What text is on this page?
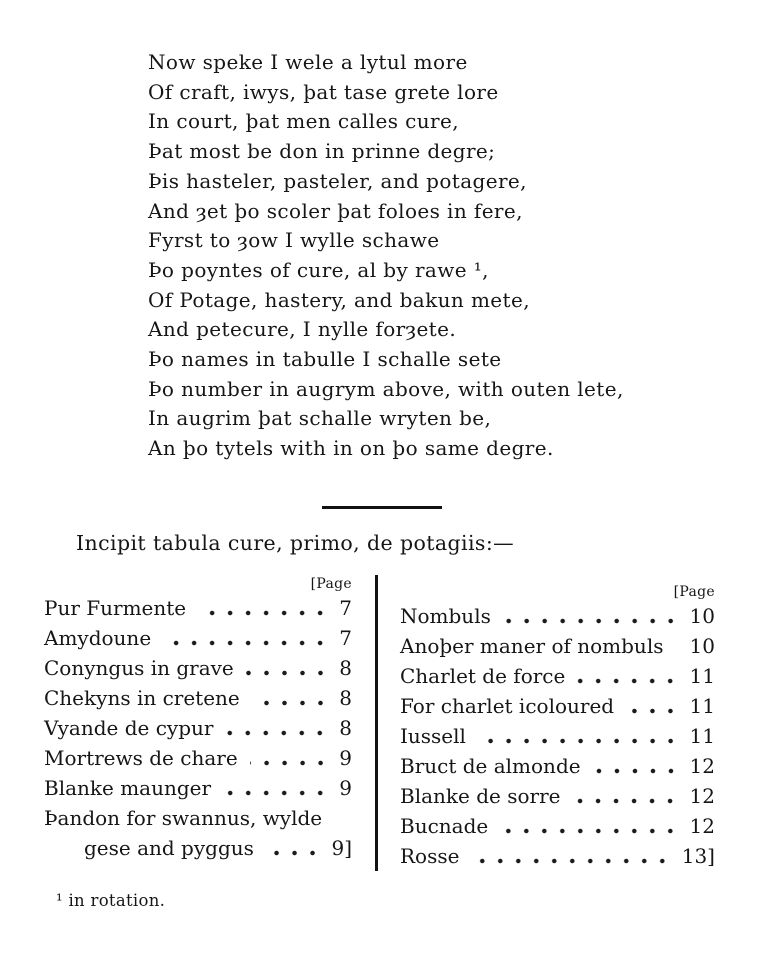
Now speke I wele a lytul more
Of craft, iwys, þat tase grete lore
In court, þat men calles cure,
Þat most be don in prinne degre;
Þis hasteler, pasteler, and potagere,
And ȝet þo scoler þat foloes in fere,
Fyrst to ȝow I wylle schawe
Þo poyntes of cure, al by rawe ¹,
Of Potage, hastery, and bakun mete,
And petecure, I nylle forȝete.
Þo names in tabulle I schalle sete
Þo number in augrym above, with outen lete,
In augrim þat schalle wryten be,
An þo tytels with in on þo same degre.
Incipit tabula cure, primo, de potagiis:—
[Page
Pur Furmente	7
Amydoune	7
Conyngus in grave	8
Chekyns in cretene	8
Vyande de cypur	8
Mortrews de chare	9
Blanke maunger	9
Þandon for swannus, wylde
gese and pyggus	9]
[Page
Nombuls	10
Anoþer maner of nombuls 10
Charlet de force	11
For charlet icoloured	11
Iussell	11
Bruct de almonde	12
Blanke de sorre	12
Bucnade	12
Rosse	13]
¹ in rotation.
